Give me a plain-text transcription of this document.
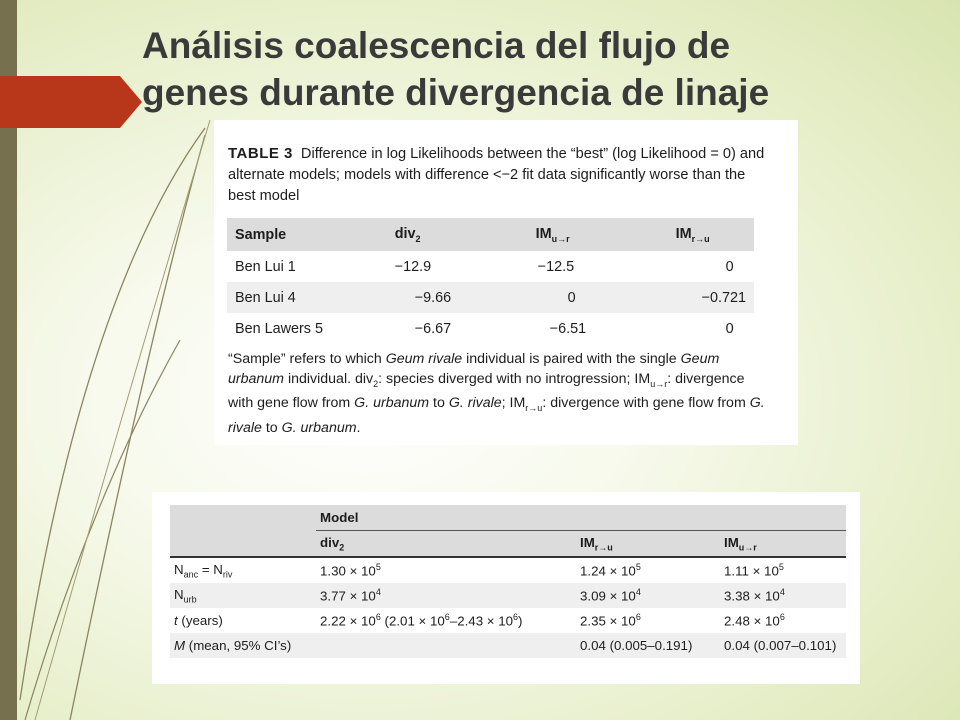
Análisis coalescencia del flujo de
genes durante divergencia de linaje
TABLE 3 Difference in log Likelihoods between the “best” (log Likelihood = 0) and alternate models; models with difference <−2 fit data significantly worse than the best model
Sample	div$_2$	$IM_{u\to r}$	$IM_{r\to u}$
Ben Lui 1	−12.9	−12.5	0
Ben Lui 4	−9.66	0	−0.721
Ben Lawers 5	−6.67	−6.51	0
“Sample” refers to which Geum rivale individual is paired with the single Geum urbanum individual. div$_2$: species diverged with no introgression; $IM_{u\to r}$: divergence with gene flow from G. urbanum to G. rivale; $IM_{r\to u}$: divergence with gene flow from G. rivale to G. urbanum.
	Model		
	div$_2$	$IM_{r\to u}$	$IM_{u\to r}$
$N_{anc} = N_{riv}$	$1.30 \times 10^5$	$1.24 \times 10^5$	$1.11 \times 10^5$
$N_{urb}$	$3.77 \times 10^4$	$3.09 \times 10^4$	$3.38 \times 10^4$
t (years)	$2.22 \times 10^6$ $(2.01 \times 10^6-2.43 \times 10^6)$	$2.35 \times 10^6$	$2.48 \times 10^6$
M (mean, 95% CI’s)		0.04 (0.005–0.191)	0.04 (0.007–0.101)
